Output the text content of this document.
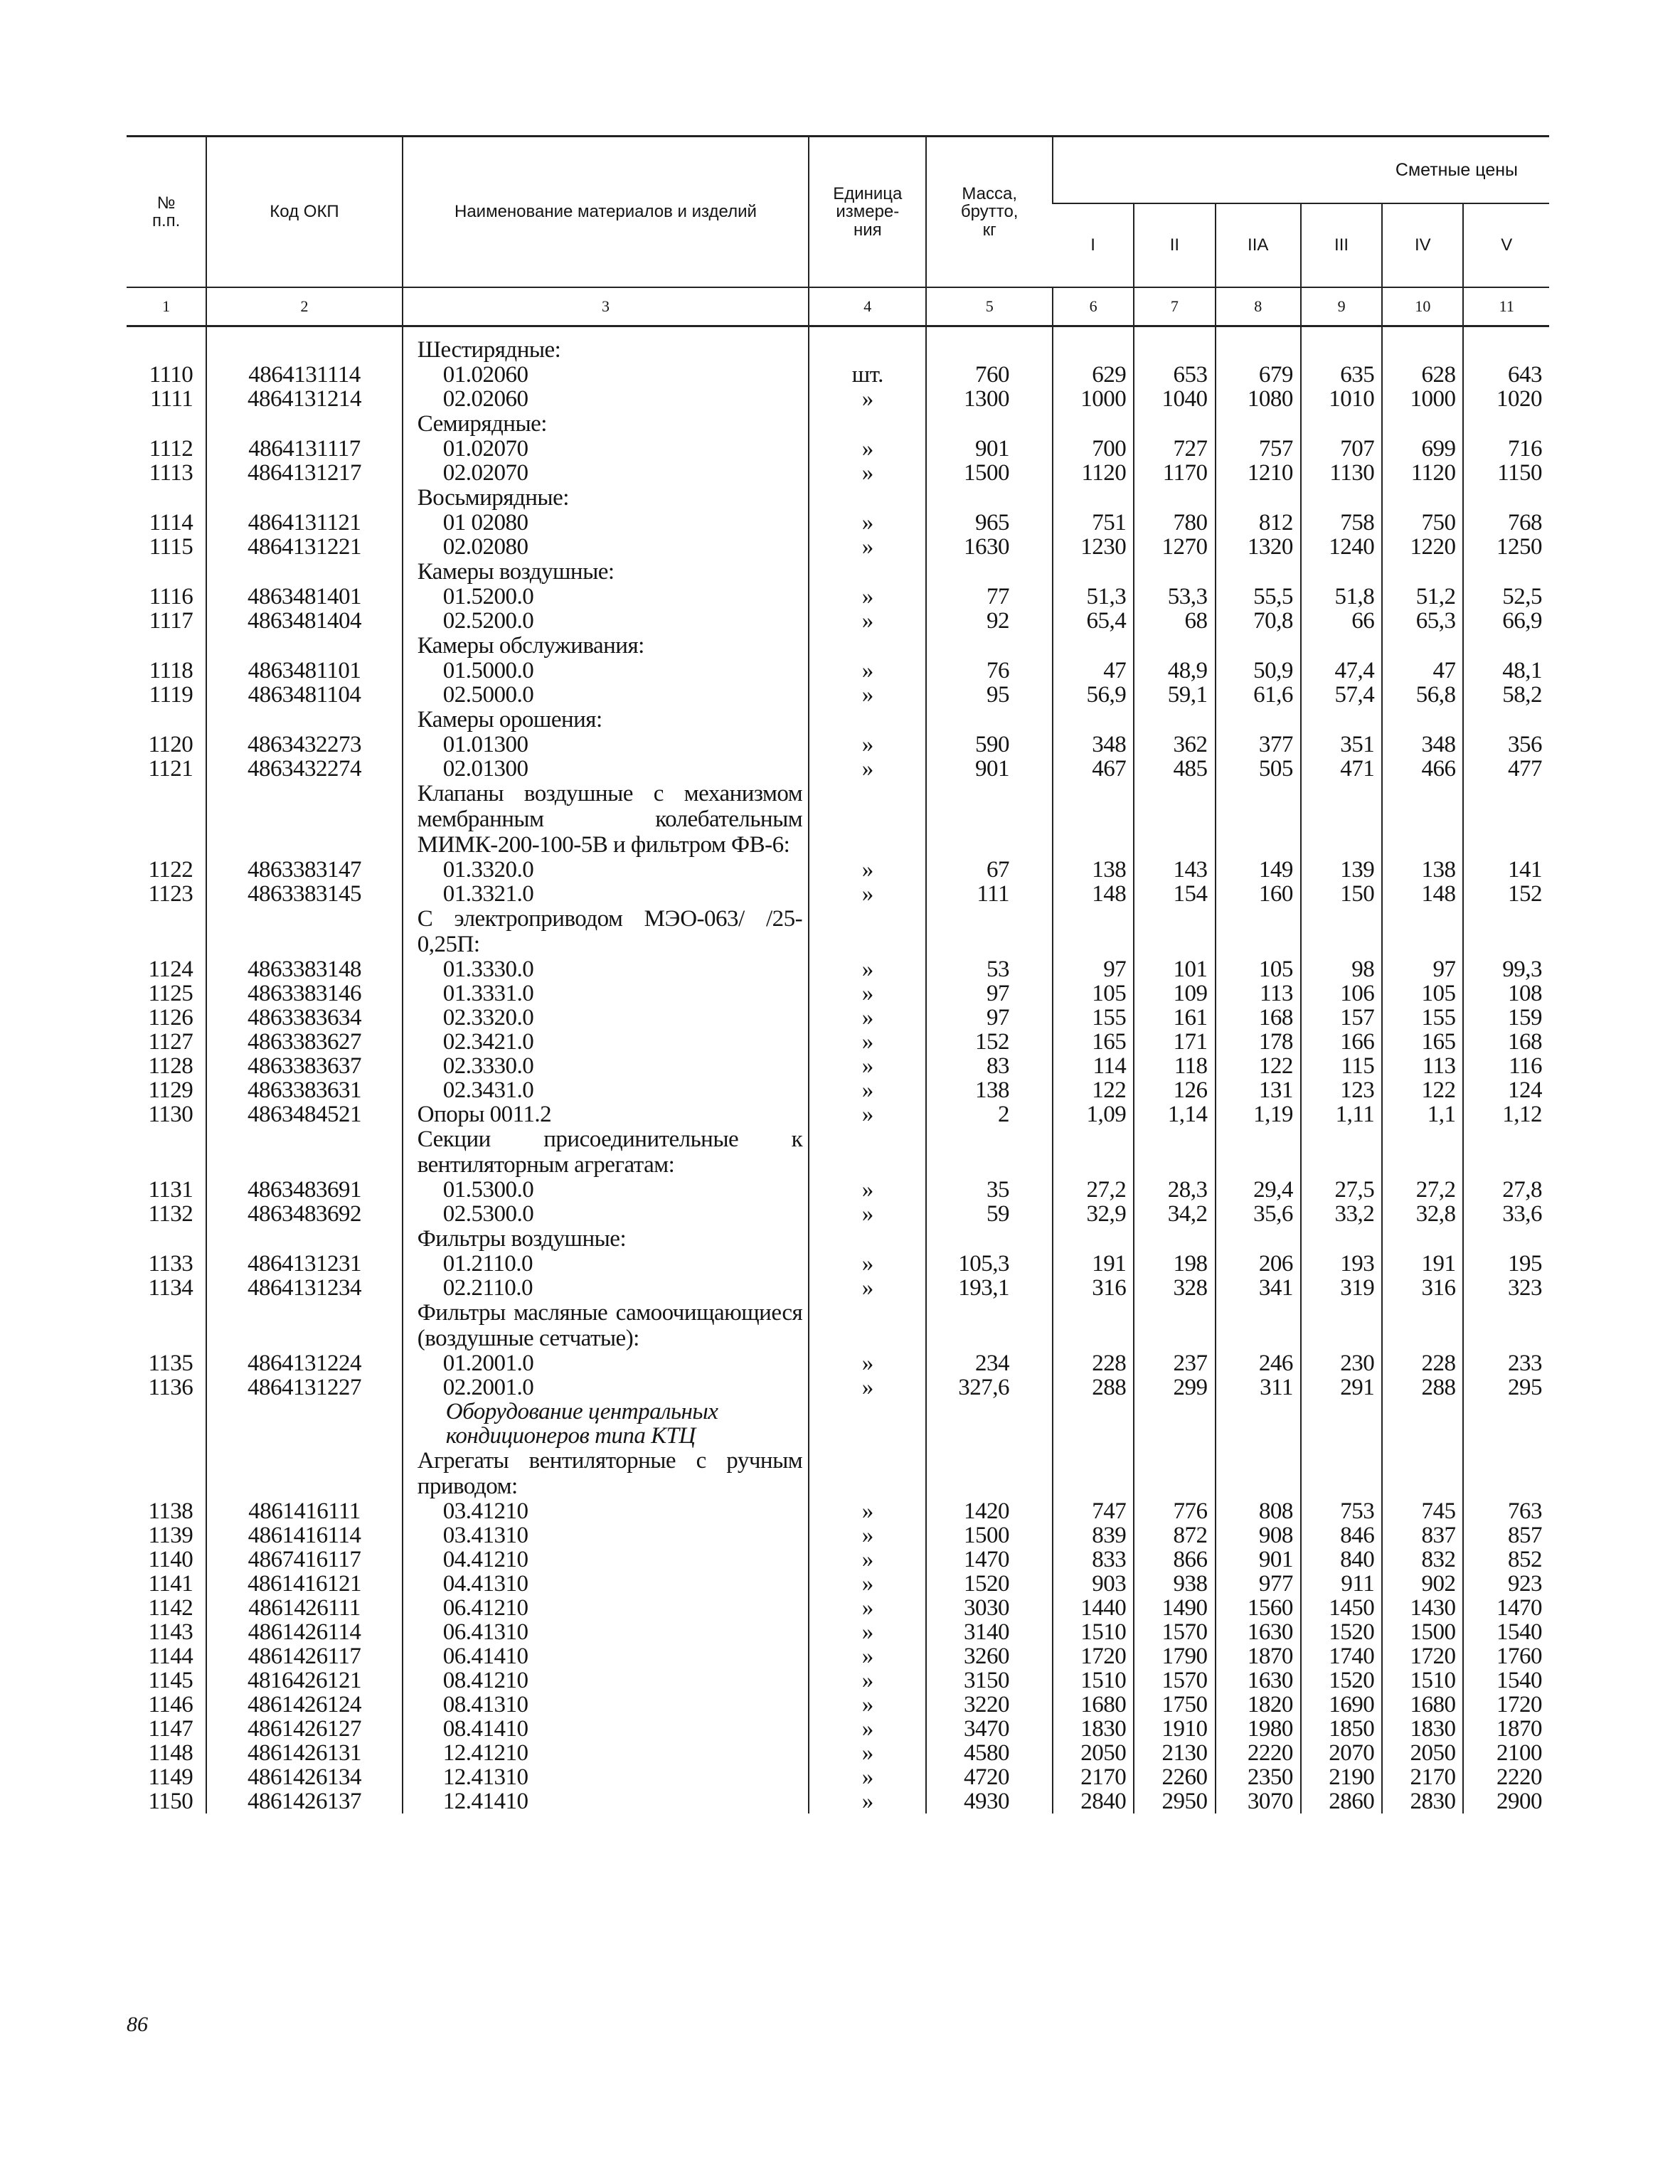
№
п.п.	Код ОКП	Наименование материалов и изделий	Единица
измере-
ния	Масса,
брутто,
кг	Сметные цены					
					I	II	IIA	III	IV	V
1	2	3	4	5	6	7	8	9	10	11

		Шестирядные:								
1110	4864131114	01.02060	шт.	760	629	653	679	635	628	643
1111	4864131214	02.02060	»	1300	1000	1040	1080	1010	1000	1020
		Семирядные:								
1112	4864131117	01.02070	»	901	700	727	757	707	699	716
1113	4864131217	02.02070	»	1500	1120	1170	1210	1130	1120	1150
		Восьмирядные:								
1114	4864131121	01 02080	»	965	751	780	812	758	750	768
1115	4864131221	02.02080	»	1630	1230	1270	1320	1240	1220	1250
		Камеры воздушные:								
1116	4863481401	01.5200.0	»	77	51,3	53,3	55,5	51,8	51,2	52,5
1117	4863481404	02.5200.0	»	92	65,4	68	70,8	66	65,3	66,9
		Камеры обслуживания:								
1118	4863481101	01.5000.0	»	76	47	48,9	50,9	47,4	47	48,1
1119	4863481104	02.5000.0	»	95	56,9	59,1	61,6	57,4	56,8	58,2
		Камеры орошения:								
1120	4863432273	01.01300	»	590	348	362	377	351	348	356
1121	4863432274	02.01300	»	901	467	485	505	471	466	477
		Клапаны воздушные с механизмом мембранным колебательным МИМК-200-100-5В и фильтром ФВ-6:								
1122	4863383147	01.3320.0	»	67	138	143	149	139	138	141
1123	4863383145	01.3321.0	»	111	148	154	160	150	148	152
		С электроприводом МЭО-063/ /25-0,25П:								
1124	4863383148	01.3330.0	»	53	97	101	105	98	97	99,3
1125	4863383146	01.3331.0	»	97	105	109	113	106	105	108
1126	4863383634	02.3320.0	»	97	155	161	168	157	155	159
1127	4863383627	02.3421.0	»	152	165	171	178	166	165	168
1128	4863383637	02.3330.0	»	83	114	118	122	115	113	116
1129	4863383631	02.3431.0	»	138	122	126	131	123	122	124
1130	4863484521	Опоры 0011.2	»	2	1,09	1,14	1,19	1,11	1,1	1,12
		Секции присоединительные к вентиляторным агрегатам:								
1131	4863483691	01.5300.0	»	35	27,2	28,3	29,4	27,5	27,2	27,8
1132	4863483692	02.5300.0	»	59	32,9	34,2	35,6	33,2	32,8	33,6
		Фильтры воздушные:								
1133	4864131231	01.2110.0	»	105,3	191	198	206	193	191	195
1134	4864131234	02.2110.0	»	193,1	316	328	341	319	316	323
		Фильтры масляные самоочищающиеся (воздушные сетчатые):								
1135	4864131224	01.2001.0	»	234	228	237	246	230	228	233
1136	4864131227	02.2001.0	»	327,6	288	299	311	291	288	295
		Оборудование центральных кондиционеров типа КТЦ								
		Агрегаты вентиляторные с ручным приводом:								
1138	4861416111	03.41210	»	1420	747	776	808	753	745	763
1139	4861416114	03.41310	»	1500	839	872	908	846	837	857
1140	4867416117	04.41210	»	1470	833	866	901	840	832	852
1141	4861416121	04.41310	»	1520	903	938	977	911	902	923
1142	4861426111	06.41210	»	3030	1440	1490	1560	1450	1430	1470
1143	4861426114	06.41310	»	3140	1510	1570	1630	1520	1500	1540
1144	4861426117	06.41410	»	3260	1720	1790	1870	1740	1720	1760
1145	4816426121	08.41210	»	3150	1510	1570	1630	1520	1510	1540
1146	4861426124	08.41310	»	3220	1680	1750	1820	1690	1680	1720
1147	4861426127	08.41410	»	3470	1830	1910	1980	1850	1830	1870
1148	4861426131	12.41210	»	4580	2050	2130	2220	2070	2050	2100
1149	4861426134	12.41310	»	4720	2170	2260	2350	2190	2170	2220
1150	4861426137	12.41410	»	4930	2840	2950	3070	2860	2830	2900
86
